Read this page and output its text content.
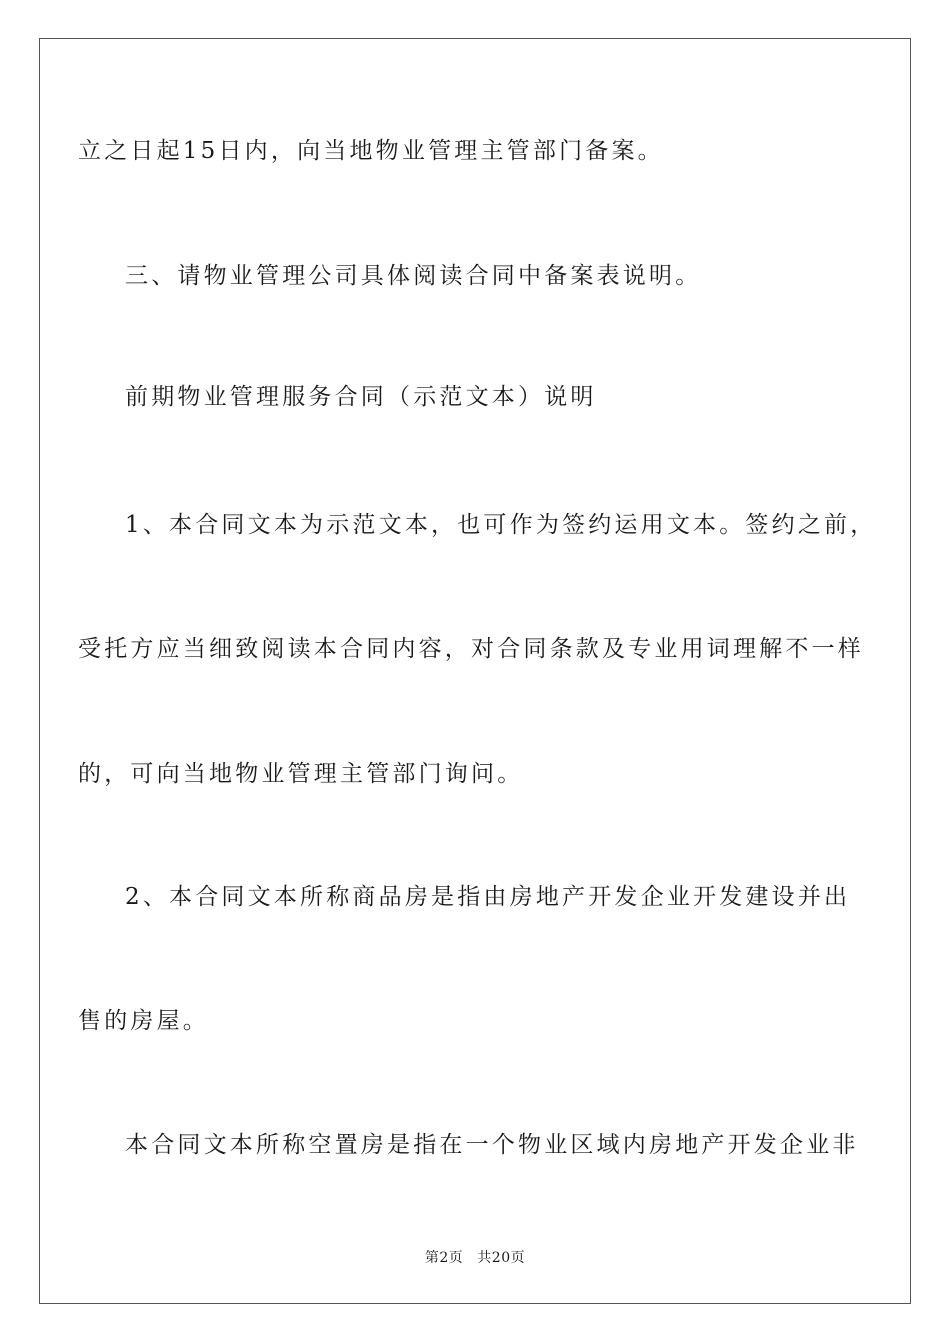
立之日起15日内，向当地物业管理主管部门备案。
三、请物业管理公司具体阅读合同中备案表说明。
前期物业管理服务合同（示范文本）说明
1、本合同文本为示范文本，也可作为签约运用文本。签约之前，
受托方应当细致阅读本合同内容，对合同条款及专业用词理解不一样
的，可向当地物业管理主管部门询问。
2、本合同文本所称商品房是指由房地产开发企业开发建设并出
售的房屋。
本合同文本所称空置房是指在一个物业区域内房地产开发企业非
第2页 共20页
